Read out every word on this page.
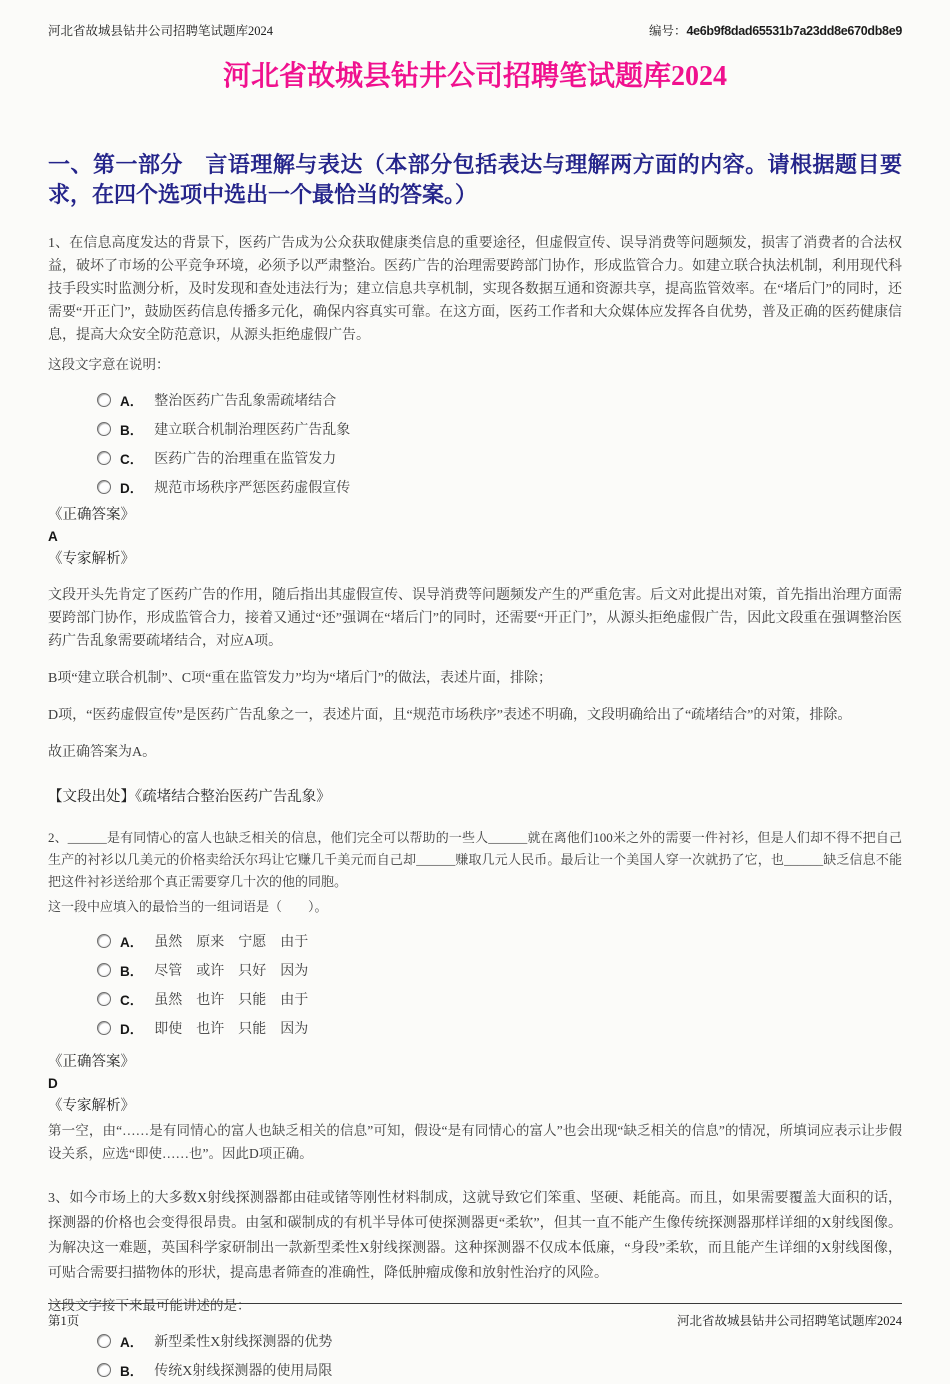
河北省故城县钻井公司招聘笔试题库2024	编号：4e6b9f8dad65531b7a23dd8e670db8e9
河北省故城县钻井公司招聘笔试题库2024
一、第一部分　言语理解与表达（本部分包括表达与理解两方面的内容。请根据题目要求，在四个选项中选出一个最恰当的答案。）

1、在信息高度发达的背景下，医药广告成为公众获取健康类信息的重要途径，但虚假宣传、误导消费等问题频发，损害了消费者的合法权益，破坏了市场的公平竞争环境，必须予以严肃整治。医药广告的治理需要跨部门协作，形成监管合力。如建立联合执法机制，利用现代科技手段实时监测分析，及时发现和查处违法行为；建立信息共享机制，实现各数据互通和资源共享，提高监管效率。在“堵后门”的同时，还需要“开正门”，鼓励医药信息传播多元化，确保内容真实可靠。在这方面，医药工作者和大众媒体应发挥各自优势，普及正确的医药健康信息，提高大众安全防范意识，从源头拒绝虚假广告。

这段文字意在说明：

A． 整治医药广告乱象需疏堵结合
B． 建立联合机制治理医药广告乱象
C． 医药广告的治理重在监管发力
D． 规范市场秩序严惩医药虚假宣传

《正确答案》

A

《专家解析》

文段开头先肯定了医药广告的作用，随后指出其虚假宣传、误导消费等问题频发产生的严重危害。后文对此提出对策，首先指出治理方面需要跨部门协作，形成监管合力，接着又通过“还”强调在“堵后门”的同时，还需要“开正门”，从源头拒绝虚假广告，因此文段重在强调整治医药广告乱象需要疏堵结合，对应A项。

B项“建立联合机制”、C项“重在监管发力”均为“堵后门”的做法，表述片面，排除；

D项，“医药虚假宣传”是医药广告乱象之一，表述片面，且“规范市场秩序”表述不明确，文段明确给出了“疏堵结合”的对策，排除。

故正确答案为A。

【文段出处】《疏堵结合整治医药广告乱象》

2、______是有同情心的富人也缺乏相关的信息，他们完全可以帮助的一些人______就在离他们100米之外的需要一件衬衫，但是人们却不得不把自己生产的衬衫以几美元的价格卖给沃尔玛让它赚几千美元而自己却______赚取几元人民币。最后让一个美国人穿一次就扔了它，也______缺乏信息不能把这件衬衫送给那个真正需要穿几十次的他的同胞。

这一段中应填入的最恰当的一组词语是（　　）。

A． 虽然　原来　宁愿　由于
B． 尽管　或许　只好　因为
C． 虽然　也许　只能　由于
D． 即使　也许　只能　因为

《正确答案》

D

《专家解析》

第一空，由“……是有同情心的富人也缺乏相关的信息”可知，假设“是有同情心的富人”也会出现“缺乏相关的信息”的情况，所填词应表示让步假设关系，应选“即使……也”。因此D项正确。

3、如今市场上的大多数X射线探测器都由硅或锗等刚性材料制成，这就导致它们笨重、坚硬、耗能高。而且，如果需要覆盖大面积的话，探测器的价格也会变得很昂贵。由氢和碳制成的有机半导体可使探测器更“柔软”，但其一直不能产生像传统探测器那样详细的X射线图像。为解决这一难题，英国科学家研制出一款新型柔性X射线探测器。这种探测器不仅成本低廉，“身段”柔软，而且能产生详细的X射线图像，可贴合需要扫描物体的形状，提高患者筛查的准确性，降低肿瘤成像和放射性治疗的风险。

这段文字接下来最可能讲述的是：

A． 新型柔性X射线探测器的优势
B． 传统X射线探测器的使用局限
第1页	河北省故城县钻井公司招聘笔试题库2024
